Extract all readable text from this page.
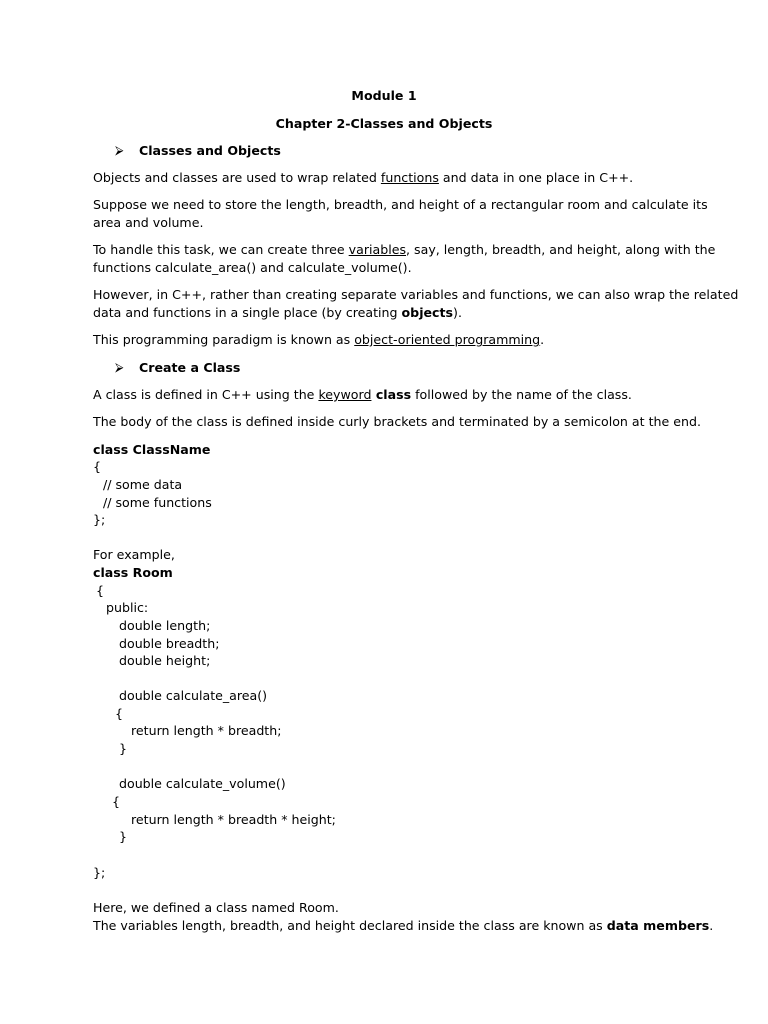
Module 1
Chapter 2-Classes and Objects
⮚ Classes and Objects
Objects and classes are used to wrap related functions and data in one place in C++.
Suppose we need to store the length, breadth, and height of a rectangular room and calculate its
area and volume.
To handle this task, we can create three variables, say, length, breadth, and height, along with the
functions calculate_area() and calculate_volume().
However, in C++, rather than creating separate variables and functions, we can also wrap the related
data and functions in a single place (by creating objects).
This programming paradigm is known as object-oriented programming.
⮚ Create a Class
A class is defined in C++ using the keyword class followed by the name of the class.
The body of the class is defined inside curly brackets and terminated by a semicolon at the end.
class ClassName
{
// some data
// some functions
};
For example,
class Room
{
public:
double length;
double breadth;
double height;
double calculate_area()
{
return length * breadth;
}
double calculate_volume()
{
return length * breadth * height;
}
};
Here, we defined a class named Room.
The variables length, breadth, and height declared inside the class are known as data members.
